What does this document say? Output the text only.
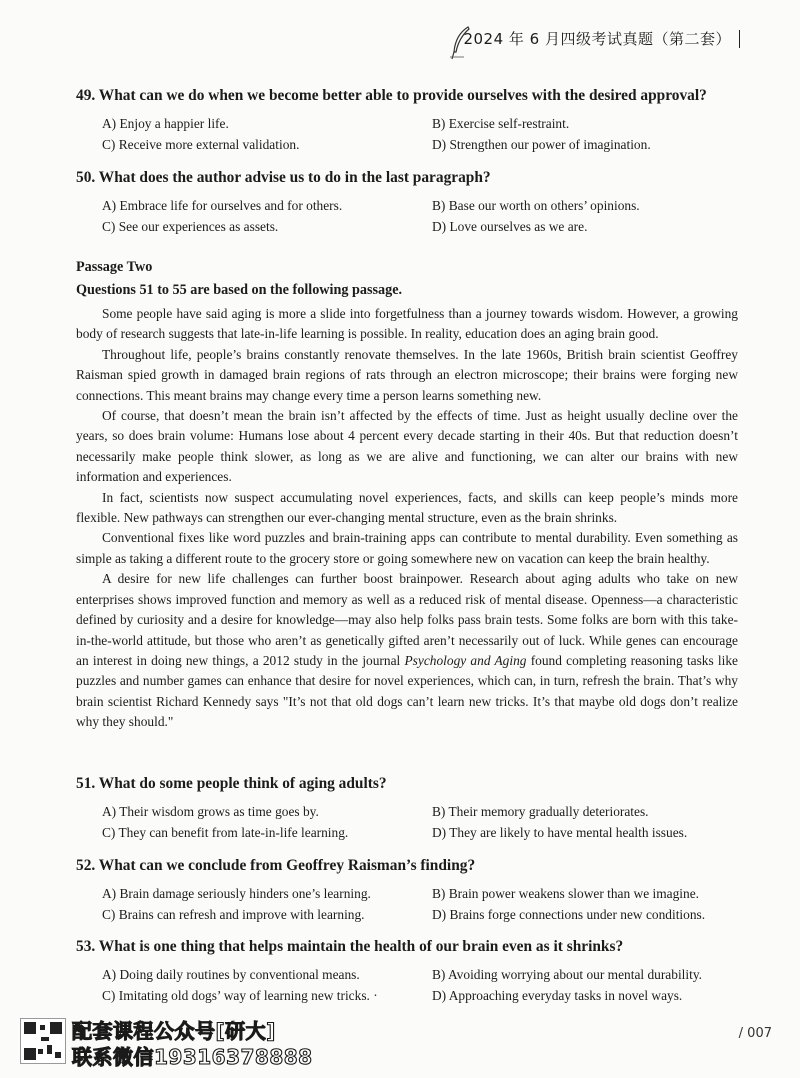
2024 年 6 月四级考试真题（第二套）

49. What can we do when we become better able to provide ourselves with the desired approval?

A) Enjoy a happier life.	B) Exercise self-restraint.
C) Receive more external validation.	D) Strengthen our power of imagination.

50. What does the author advise us to do in the last paragraph?

A) Embrace life for ourselves and for others.	B) Base our worth on others’ opinions.
C) See our experiences as assets.	D) Love ourselves as we are.
Passage Two
Questions 51 to 55 are based on the following passage.

Some people have said aging is more a slide into forgetfulness than a journey towards wisdom. However, a growing body of research suggests that late-in-life learning is possible. In reality, education does an aging brain good.

Throughout life, people’s brains constantly renovate themselves. In the late 1960s, British brain scientist Geoffrey Raisman spied growth in damaged brain regions of rats through an electron microscope; their brains were forging new connections. This meant brains may change every time a person learns something new.

Of course, that doesn’t mean the brain isn’t affected by the effects of time. Just as height usually decline over the years, so does brain volume: Humans lose about 4 percent every decade starting in their 40s. But that reduction doesn’t necessarily make people think slower, as long as we are alive and functioning, we can alter our brains with new information and experiences.

In fact, scientists now suspect accumulating novel experiences, facts, and skills can keep people’s minds more flexible. New pathways can strengthen our ever-changing mental structure, even as the brain shrinks.

Conventional fixes like word puzzles and brain-training apps can contribute to mental durability. Even something as simple as taking a different route to the grocery store or going somewhere new on vacation can keep the brain healthy.

A desire for new life challenges can further boost brainpower. Research about aging adults who take on new enterprises shows improved function and memory as well as a reduced risk of mental disease. Openness—a characteristic defined by curiosity and a desire for knowledge—may also help folks pass brain tests. Some folks are born with this take-in-the-world attitude, but those who aren’t as genetically gifted aren’t necessarily out of luck. While genes can encourage an interest in doing new things, a 2012 study in the journal Psychology and Aging found completing reasoning tasks like puzzles and number games can enhance that desire for novel experiences, which can, in turn, refresh the brain. That’s why brain scientist Richard Kennedy says "It’s not that old dogs can’t learn new tricks. It’s that maybe old dogs don’t realize why they should."

51. What do some people think of aging adults?

A) Their wisdom grows as time goes by.	B) Their memory gradually deteriorates.
C) They can benefit from late-in-life learning.	D) They are likely to have mental health issues.

52. What can we conclude from Geoffrey Raisman’s finding?

A) Brain damage seriously hinders one’s learning.	B) Brain power weakens slower than we imagine.
C) Brains can refresh and improve with learning.	D) Brains forge connections under new conditions.

53. What is one thing that helps maintain the health of our brain even as it shrinks?

A) Doing daily routines by conventional means.	B) Avoiding worrying about our mental durability.
C) Imitating old dogs’ way of learning new tricks. ·	D) Approaching everyday tasks in novel ways.
配套课程公众号[研大]
联系微信19316378888
/ 007
